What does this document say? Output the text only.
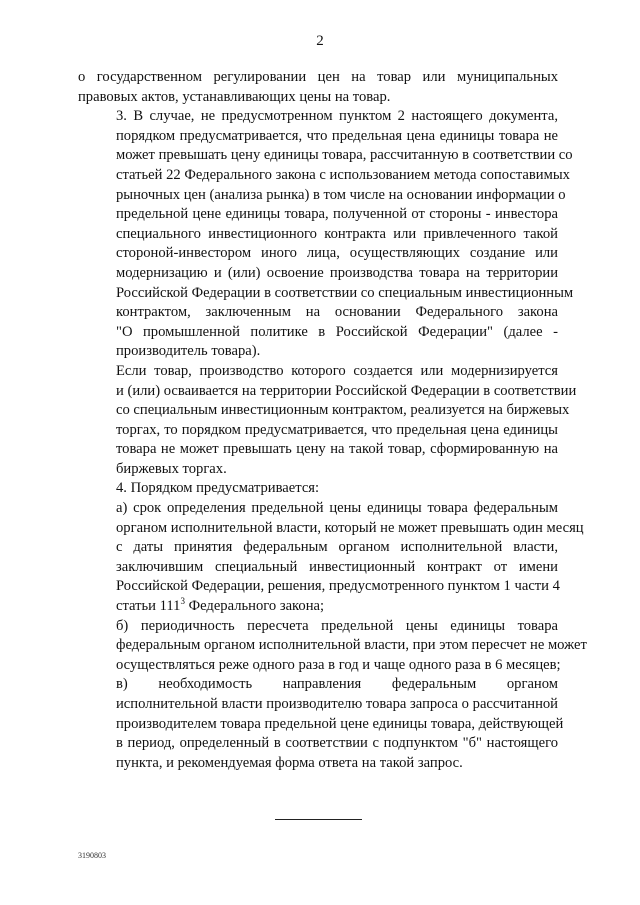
2

о государственном регулировании цен на товар или муниципальных
правовых актов, устанавливающих цены на товар.

3. В случае, не предусмотренном пунктом 2 настоящего документа,
порядком предусматривается, что предельная цена единицы товара не
может превышать цену единицы товара, рассчитанную в соответствии со
статьей 22 Федерального закона с использованием метода сопоставимых
рыночных цен (анализа рынка) в том числе на основании информации о
предельной цене единицы товара, полученной от стороны - инвестора
специального инвестиционного контракта или привлеченного такой
стороной-инвестором иного лица, осуществляющих создание или
модернизацию и (или) освоение производства товара на территории
Российской Федерации в соответствии со специальным инвестиционным
контрактом, заключенным на основании Федерального закона
"О промышленной политике в Российской Федерации" (далее -
производитель товара).

Если товар, производство которого создается или модернизируется
и (или) осваивается на территории Российской Федерации в соответствии
со специальным инвестиционным контрактом, реализуется на биржевых
торгах, то порядком предусматривается, что предельная цена единицы
товара не может превышать цену на такой товар, сформированную на
биржевых торгах.

4. Порядком предусматривается:

а) срок определения предельной цены единицы товара федеральным
органом исполнительной власти, который не может превышать один месяц
с даты принятия федеральным органом исполнительной власти,
заключившим специальный инвестиционный контракт от имени
Российской Федерации, решения, предусмотренного пунктом 1 части 4
статьи $111^3$ Федерального закона;

б) периодичность пересчета предельной цены единицы товара
федеральным органом исполнительной власти, при этом пересчет не может
осуществляться реже одного раза в год и чаще одного раза в 6 месяцев;

в) необходимость направления федеральным органом
исполнительной власти производителю товара запроса о рассчитанной
производителем товара предельной цене единицы товара, действующей
в период, определенный в соответствии с подпунктом "б" настоящего
пункта, и рекомендуемая форма ответа на такой запрос.

3190803
